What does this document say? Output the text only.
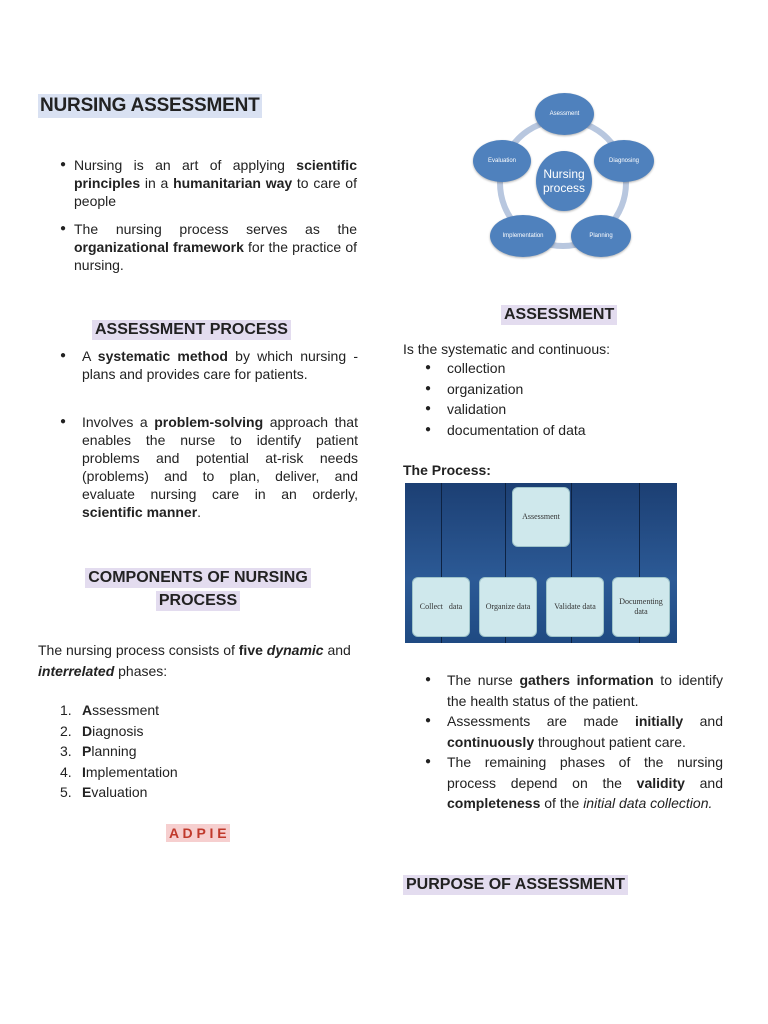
NURSING ASSESSMENT
● Nursing is an art of applying scientific principles in a humanitarian way to care of people
● The nursing process serves as the organizational framework for the practice of nursing.
ASSESSMENT PROCESS
● A systematic method by which nursing - plans and provides care for patients.
● Involves a problem-solving approach that enables the nurse to identify patient problems and potential at-risk needs (problems) and to plan, deliver, and evaluate nursing care in an orderly, scientific manner.
COMPONENTS OF NURSING
PROCESS
The nursing process consists of five dynamic and interrelated phases:
1. Assessment
2. Diagnosis
3. Planning
4. Implementation
5. Evaluation
A D P I E
Nursing process
Asessment
Diagnosing
Planning
Implementation
Evaluation
ASSESSMENT
Is the systematic and continuous:
● collection
● organization
● validation
● documentation of data
The Process:
Assessment
Collect   data	Organize data	Validate data
Documenting data
● The nurse gathers information to identify the health status of the patient.
● Assessments are made initially and continuously throughout patient care.
● The remaining phases of the nursing process depend on the validity and completeness of the initial data collection.
PURPOSE OF ASSESSMENT
